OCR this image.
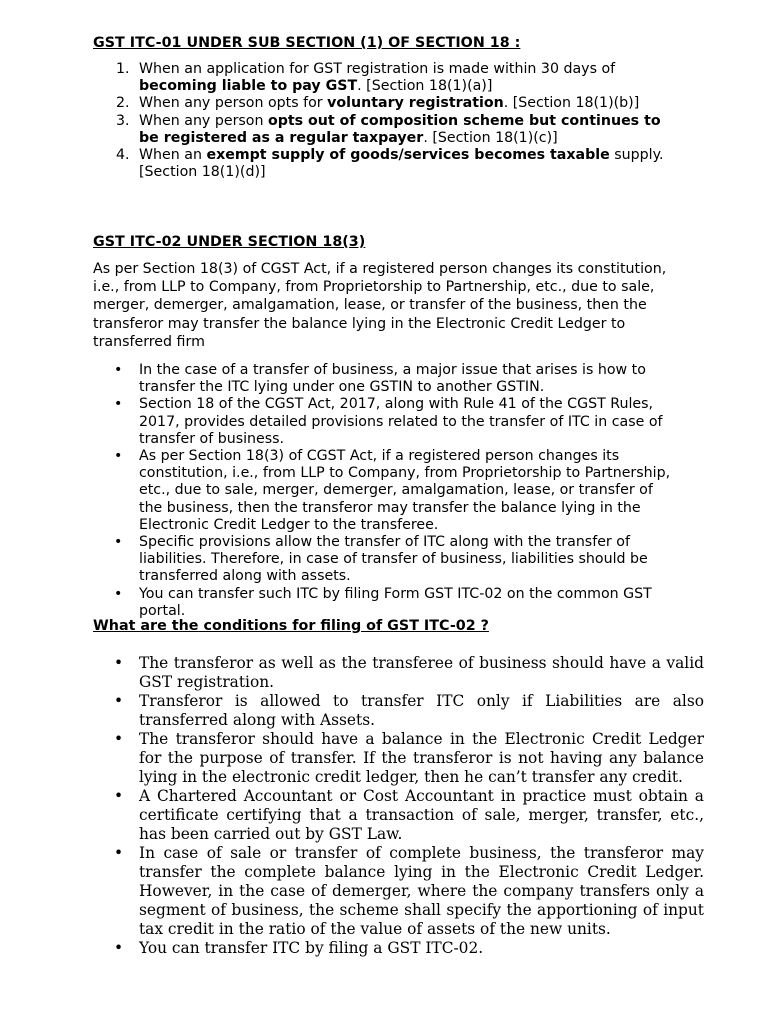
GST ITC-01 UNDER SUB SECTION (1) OF SECTION 18 :
1. When an application for GST registration is made within 30 days of becoming liable to pay GST. [Section 18(1)(a)]
2. When any person opts for voluntary registration. [Section 18(1)(b)]
3. When any person opts out of composition scheme but continues to be registered as a regular taxpayer. [Section 18(1)(c)]
4. When an exempt supply of goods/services becomes taxable supply. [Section 18(1)(d)]
GST ITC-02 UNDER SECTION 18(3)

As per Section 18(3) of CGST Act, if a registered person changes its constitution, i.e., from LLP to Company, from Proprietorship to Partnership, etc., due to sale, merger, demerger, amalgamation, lease, or transfer of the business, then the transferor may transfer the balance lying in the Electronic Credit Ledger to transferred firm

• In the case of a transfer of business, a major issue that arises is how to transfer the ITC lying under one GSTIN to another GSTIN.
• Section 18 of the CGST Act, 2017, along with Rule 41 of the CGST Rules, 2017, provides detailed provisions related to the transfer of ITC in case of transfer of business.
• As per Section 18(3) of CGST Act, if a registered person changes its constitution, i.e., from LLP to Company, from Proprietorship to Partnership, etc., due to sale, merger, demerger, amalgamation, lease, or transfer of the business, then the transferor may transfer the balance lying in the Electronic Credit Ledger to the transferee.
• Specific provisions allow the transfer of ITC along with the transfer of liabilities. Therefore, in case of transfer of business, liabilities should be transferred along with assets.
• You can transfer such ITC by filing Form GST ITC-02 on the common GST portal.
What are the conditions for filing of GST ITC-02 ?
• The transferor as well as the transferee of business should have a valid GST registration.
• Transferor is allowed to transfer ITC only if Liabilities are also transferred along with Assets.
• The transferor should have a balance in the Electronic Credit Ledger for the purpose of transfer. If the transferor is not having any balance lying in the electronic credit ledger, then he can’t transfer any credit.
• A Chartered Accountant or Cost Accountant in practice must obtain a certificate certifying that a transaction of sale, merger, transfer, etc., has been carried out by GST Law.
• In case of sale or transfer of complete business, the transferor may transfer the complete balance lying in the Electronic Credit Ledger. However, in the case of demerger, where the company transfers only a segment of business, the scheme shall specify the apportioning of input tax credit in the ratio of the value of assets of the new units.
• You can transfer ITC by filing a GST ITC-02.
